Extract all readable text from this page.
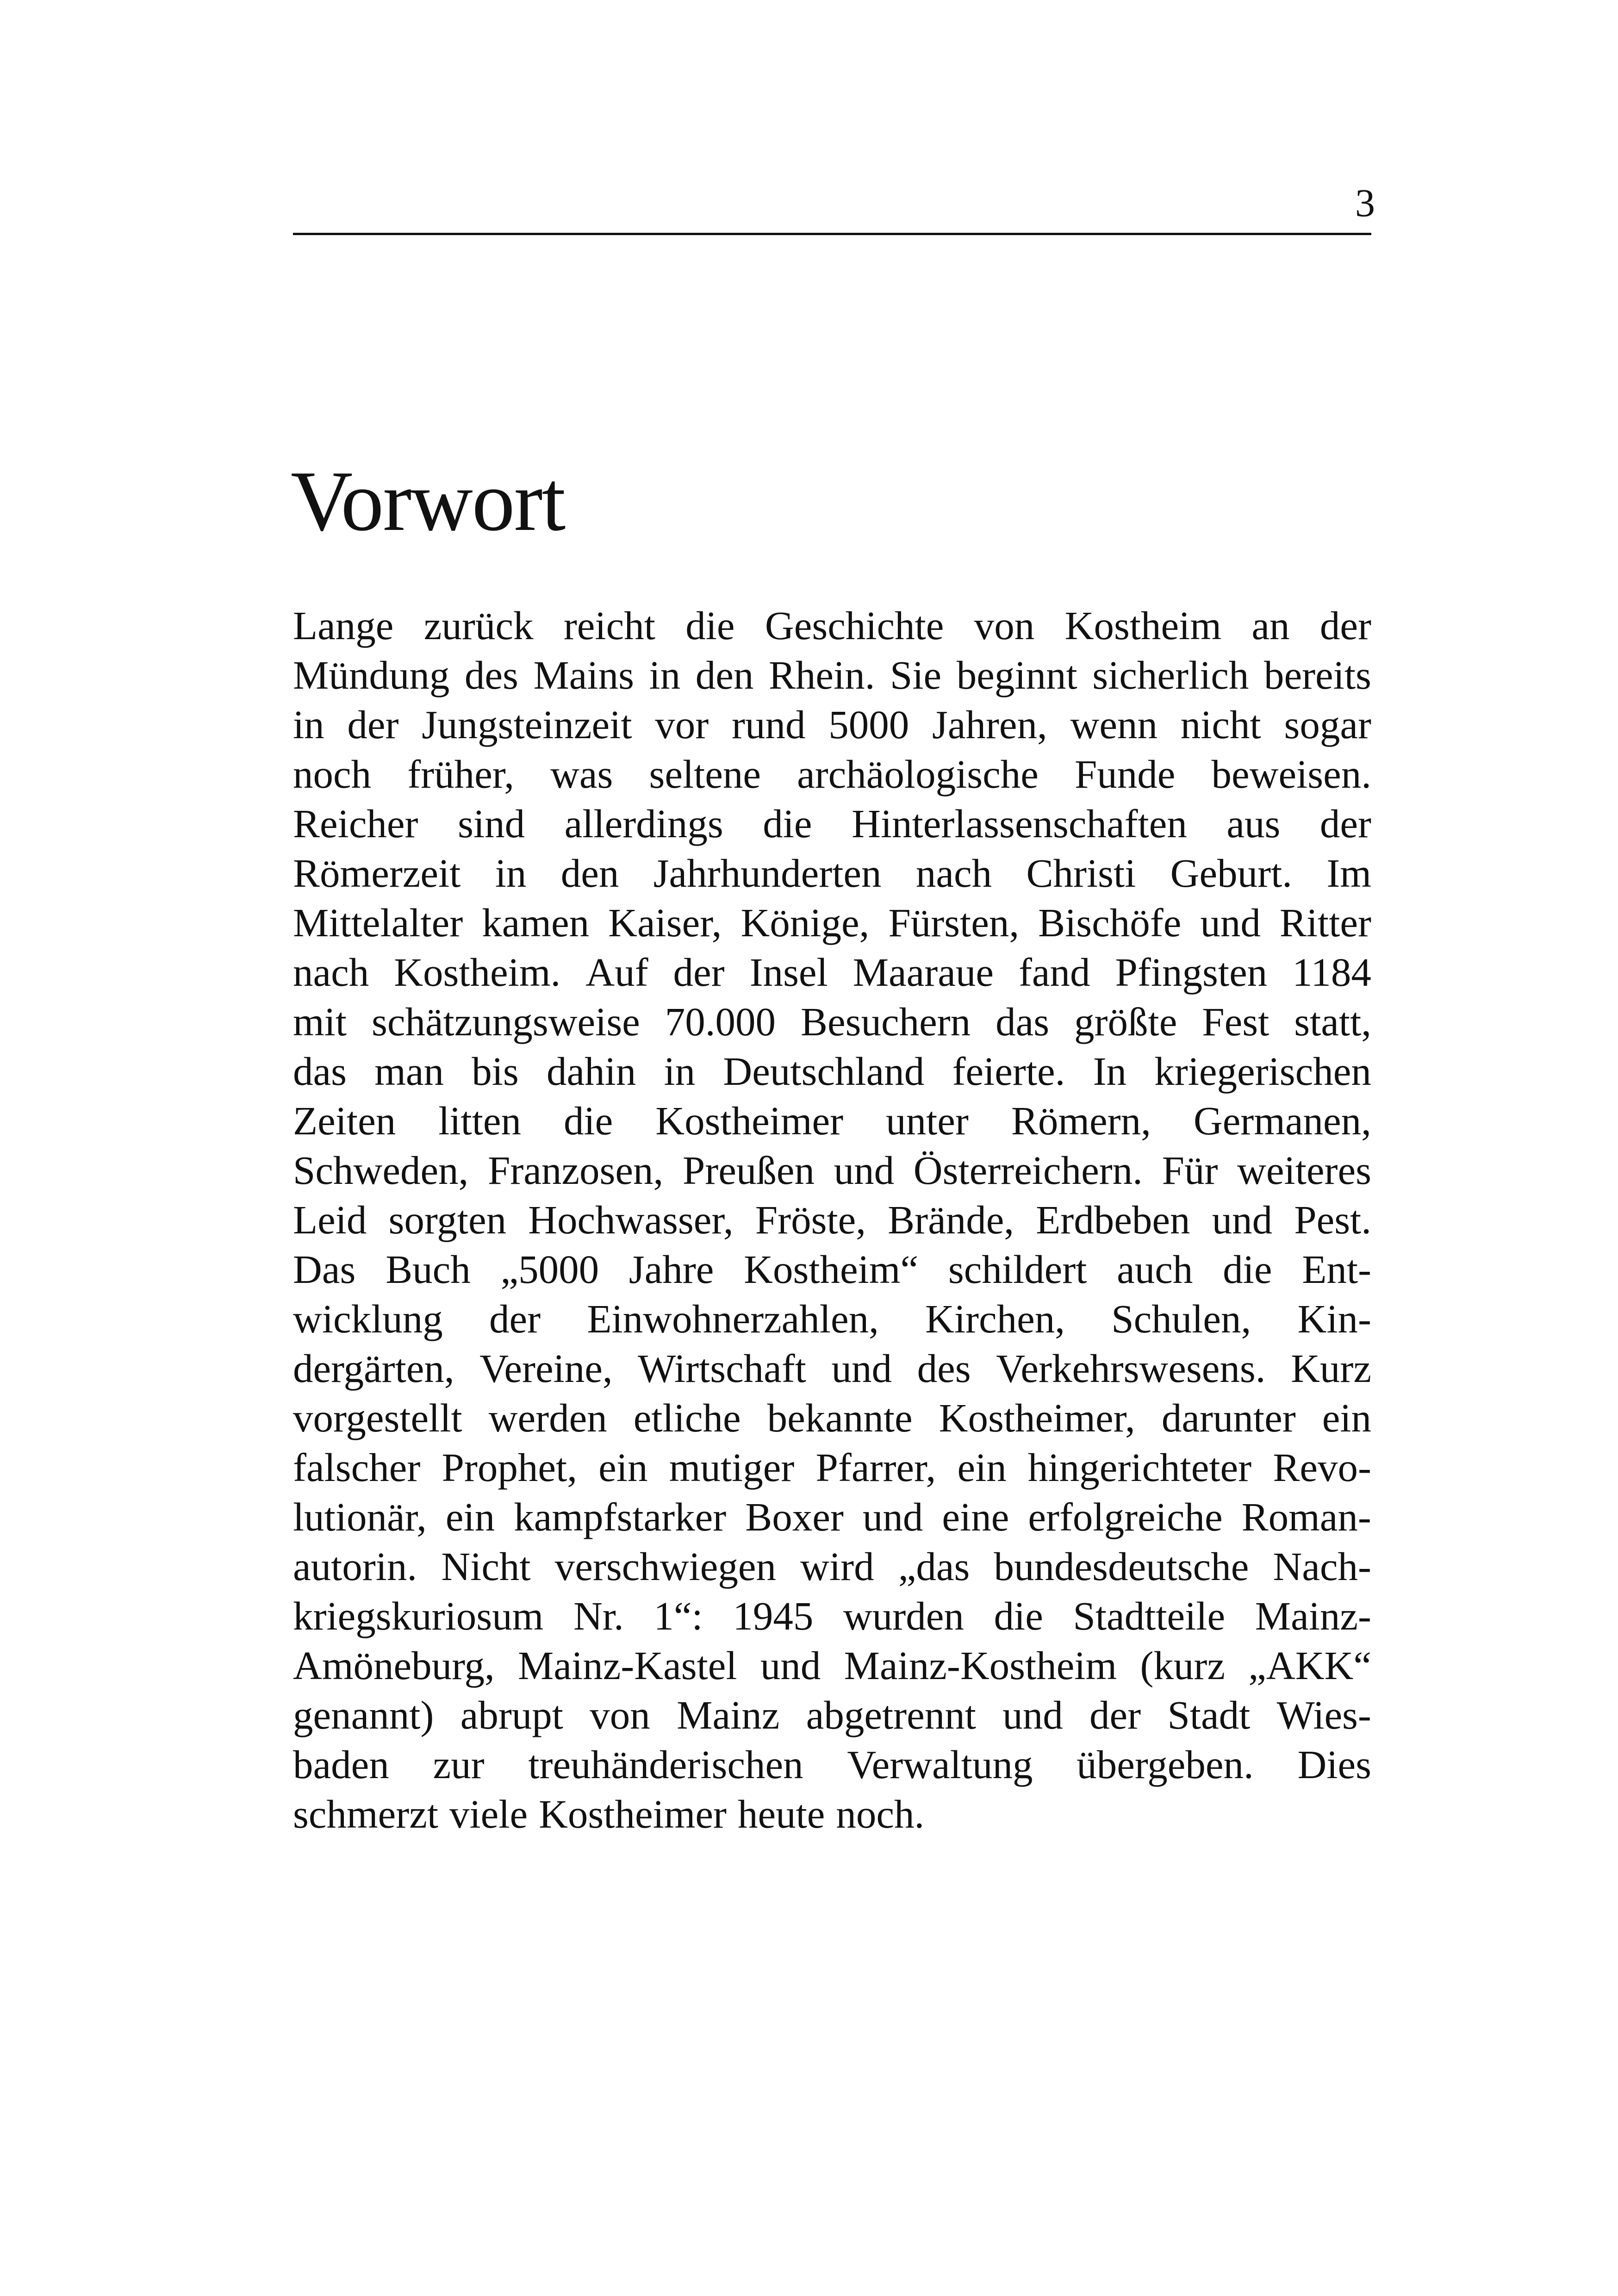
3
Vorwort
Lange zurück reicht die Geschichte von Kostheim an der
Mündung des Mains in den Rhein. Sie beginnt sicherlich bereits
in der Jungsteinzeit vor rund 5000 Jahren, wenn nicht sogar
noch früher, was seltene archäologische Funde beweisen.
Reicher sind allerdings die Hinterlassenschaften aus der
Römerzeit in den Jahrhunderten nach Christi Geburt. Im
Mittelalter kamen Kaiser, Könige, Fürsten, Bischöfe und Ritter
nach Kostheim. Auf der Insel Maaraue fand Pfingsten 1184
mit schätzungsweise 70.000 Besuchern das größte Fest statt,
das man bis dahin in Deutschland feierte. In kriegerischen
Zeiten litten die Kostheimer unter Römern, Germanen,
Schweden, Franzosen, Preußen und Österreichern. Für weiteres
Leid sorgten Hochwasser, Fröste, Brände, Erdbeben und Pest.
Das Buch „5000 Jahre Kostheim“ schildert auch die Ent-
wicklung der Einwohnerzahlen, Kirchen, Schulen, Kin-
dergärten, Vereine, Wirtschaft und des Verkehrswesens. Kurz
vorgestellt werden etliche bekannte Kostheimer, darunter ein
falscher Prophet, ein mutiger Pfarrer, ein hingerichteter Revo-
lutionär, ein kampfstarker Boxer und eine erfolgreiche Roman-
autorin. Nicht verschwiegen wird „das bundesdeutsche Nach-
kriegskuriosum Nr. 1“: 1945 wurden die Stadtteile Mainz-
Amöneburg, Mainz-Kastel und Mainz-Kostheim (kurz „AKK“
genannt) abrupt von Mainz abgetrennt und der Stadt Wies-
baden zur treuhänderischen Verwaltung übergeben. Dies
schmerzt viele Kostheimer heute noch.
